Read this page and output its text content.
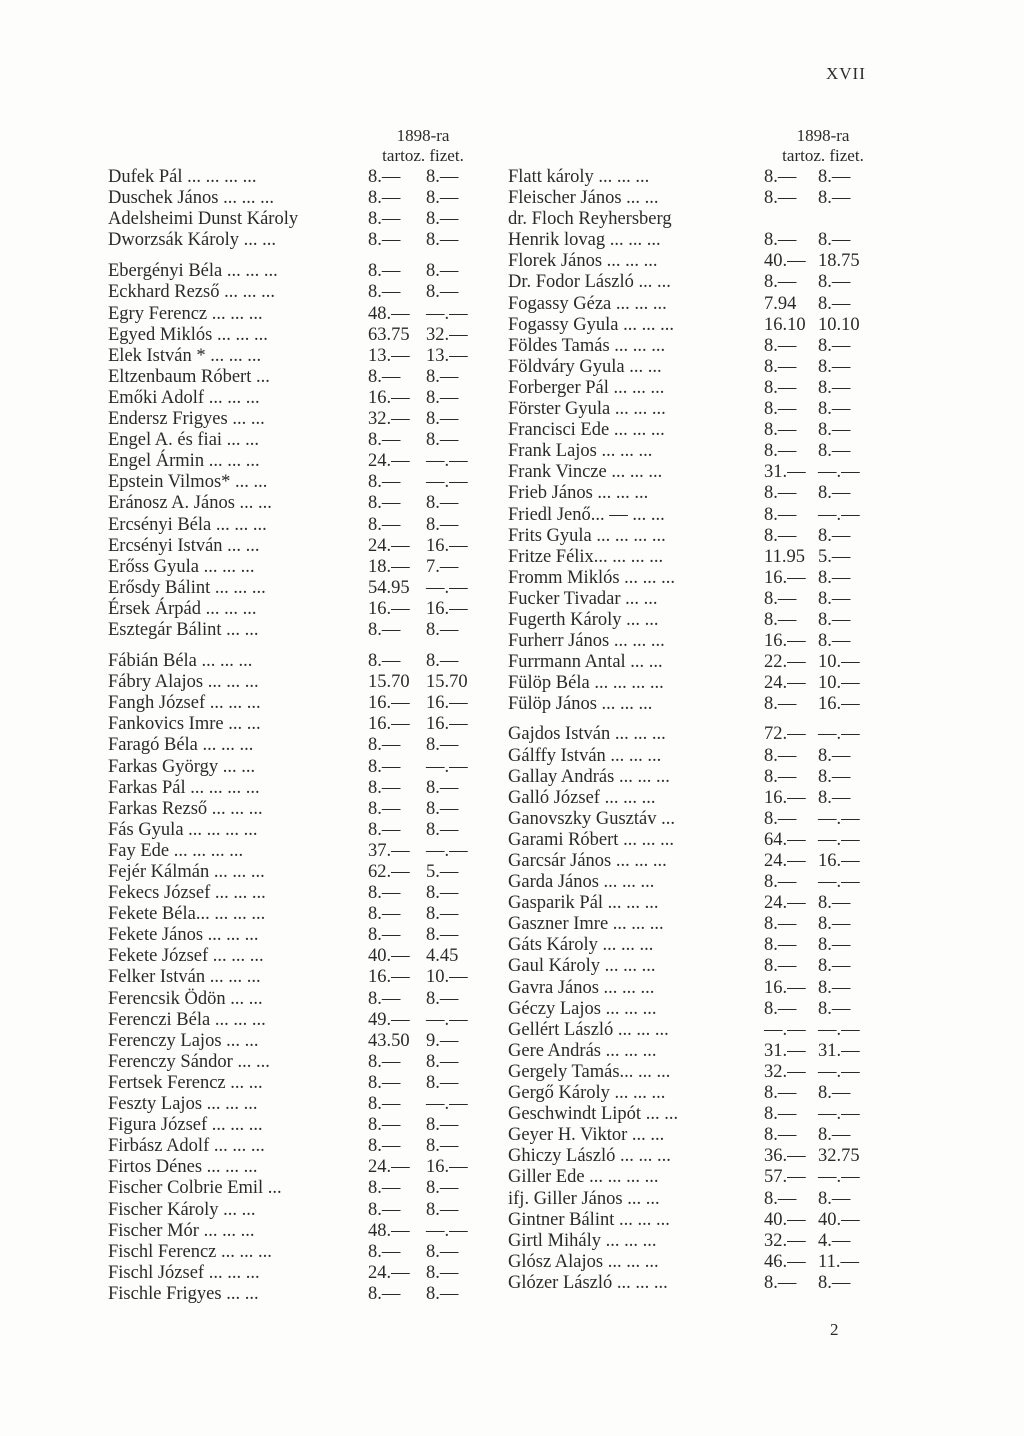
XVII
1898-ra
tartoz. fizet.
1898-ra
tartoz. fizet.
Dufek Pál ... ... ... ...	8.— 8.—
Duschek János ... ... ...	8.— 8.—
Adelsheimi Dunst Károly	8.— 8.—
Dworzsák Károly ... ...	8.— 8.—
Ebergényi Béla ... ... ...	8.— 8.—
Eckhard Rezső ... ... ...	8.— 8.—
Egry Ferencz ... ... ...	48.— —.—
Egyed Miklós ... ... ...	63.75 32.—
Elek István * ... ... ...	13.— 13.—
Eltzenbaum Róbert ...	8.— 8.—
Emőki Adolf ... ... ...	16.— 8.—
Endersz Frigyes ... ...	32.— 8.—
Engel A. és fiai ... ...	8.— 8.—
Engel Ármin ... ... ...	24.— —.—
Epstein Vilmos* ... ...	8.— —.—
Eránosz A. János ... ...	8.— 8.—
Ercsényi Béla ... ... ...	8.— 8.—
Ercsényi István ... ...	24.— 16.—
Erőss Gyula ... ... ...	18.— 7.—
Erősdy Bálint ... ... ...	54.95 —.—
Érsek Árpád ... ... ...	16.— 16.—
Esztegár Bálint ... ...	8.— 8.—
Fábián Béla ... ... ...	8.— 8.—
Fábry Alajos ... ... ...	15.70 15.70
Fangh József ... ... ...	16.— 16.—
Fankovics Imre ... ...	16.— 16.—
Faragó Béla ... ... ...	8.— 8.—
Farkas György ... ...	8.— —.—
Farkas Pál ... ... ... ...	8.— 8.—
Farkas Rezső ... ... ...	8.— 8.—
Fás Gyula ... ... ... ...	8.— 8.—
Fay Ede ... ... ... ...	37.— —.—
Fejér Kálmán ... ... ...	62.— 5.—
Fekecs József ... ... ...	8.— 8.—
Fekete Béla... ... ... ...	8.— 8.—
Fekete János ... ... ...	8.— 8.—
Fekete József ... ... ...	40.— 4.45
Felker István ... ... ...	16.— 10.—
Ferencsik Ödön ... ...	8.— 8.—
Ferenczi Béla ... ... ...	49.— —.—
Ferenczy Lajos ... ...	43.50 9.—
Ferenczy Sándor ... ...	8.— 8.—
Fertsek Ferencz ... ...	8.— 8.—
Feszty Lajos ... ... ...	8.— —.—
Figura József ... ... ...	8.— 8.—
Firbász Adolf ... ... ...	8.— 8.—
Firtos Dénes ... ... ...	24.— 16.—
Fischer Colbrie Emil ...	8.— 8.—
Fischer Károly ... ...	8.— 8.—
Fischer Mór ... ... ...	48.— —.—
Fischl Ferencz ... ... ...	8.— 8.—
Fischl József ... ... ...	24.— 8.—
Fischle Frigyes ... ...	8.— 8.—
Flatt károly ... ... ...	8.— 8.—
Fleischer János ... ...	8.— 8.—
dr. Floch Reyhersberg
Henrik lovag ... ... ...	8.— 8.—
Florek János ... ... ...	40.— 18.75
Dr. Fodor László ... ...	8.— 8.—
Fogassy Géza ... ... ...	7.94 8.—
Fogassy Gyula ... ... ...	16.10 10.10
Földes Tamás ... ... ...	8.— 8.—
Földváry Gyula ... ...	8.— 8.—
Forberger Pál ... ... ...	8.— 8.—
Förster Gyula ... ... ...	8.— 8.—
Francisci Ede ... ... ...	8.— 8.—
Frank Lajos ... ... ...	8.— 8.—
Frank Vincze ... ... ...	31.— —.—
Frieb János ... ... ...	8.— 8.—
Friedl Jenő... — ... ...	8.— —.—
Frits Gyula ... ... ... ...	8.— 8.—
Fritze Félix... ... ... ...	11.95 5.—
Fromm Miklós ... ... ...	16.— 8.—
Fucker Tivadar ... ...	8.— 8.—
Fugerth Károly ... ...	8.— 8.—
Furherr János ... ... ...	16.— 8.—
Furrmann Antal ... ...	22.— 10.—
Fülöp Béla ... ... ... ...	24.— 10.—
Fülöp János ... ... ...	8.— 16.—
Gajdos István ... ... ...	72.— —.—
Gálffy István ... ... ...	8.— 8.—
Gallay András ... ... ...	8.— 8.—
Galló József ... ... ...	16.— 8.—
Ganovszky Gusztáv ...	8.— —.—
Garami Róbert ... ... ...	64.— —.—
Garcsár János ... ... ...	24.— 16.—
Garda János ... ... ...	8.— —.—
Gasparik Pál ... ... ...	24.— 8.—
Gaszner Imre ... ... ...	8.— 8.—
Gáts Károly ... ... ...	8.— 8.—
Gaul Károly ... ... ...	8.— 8.—
Gavra János ... ... ...	16.— 8.—
Géczy Lajos ... ... ...	8.— 8.—
Gellért László ... ... ...	—.— —.—
Gere András ... ... ...	31.— 31.—
Gergely Tamás... ... ...	32.— —.—
Gergő Károly ... ... ...	8.— 8.—
Geschwindt Lipót ... ...	8.— —.—
Geyer H. Viktor ... ...	8.— 8.—
Ghiczy László ... ... ...	36.— 32.75
Giller Ede ... ... ... ...	57.— —.—
ifj. Giller János ... ...	8.— 8.—
Gintner Bálint ... ... ...	40.— 40.—
Girtl Mihály ... ... ...	32.— 4.—
Glósz Alajos ... ... ...	46.— 11.—
Glózer László ... ... ...	8.— 8.—
2
